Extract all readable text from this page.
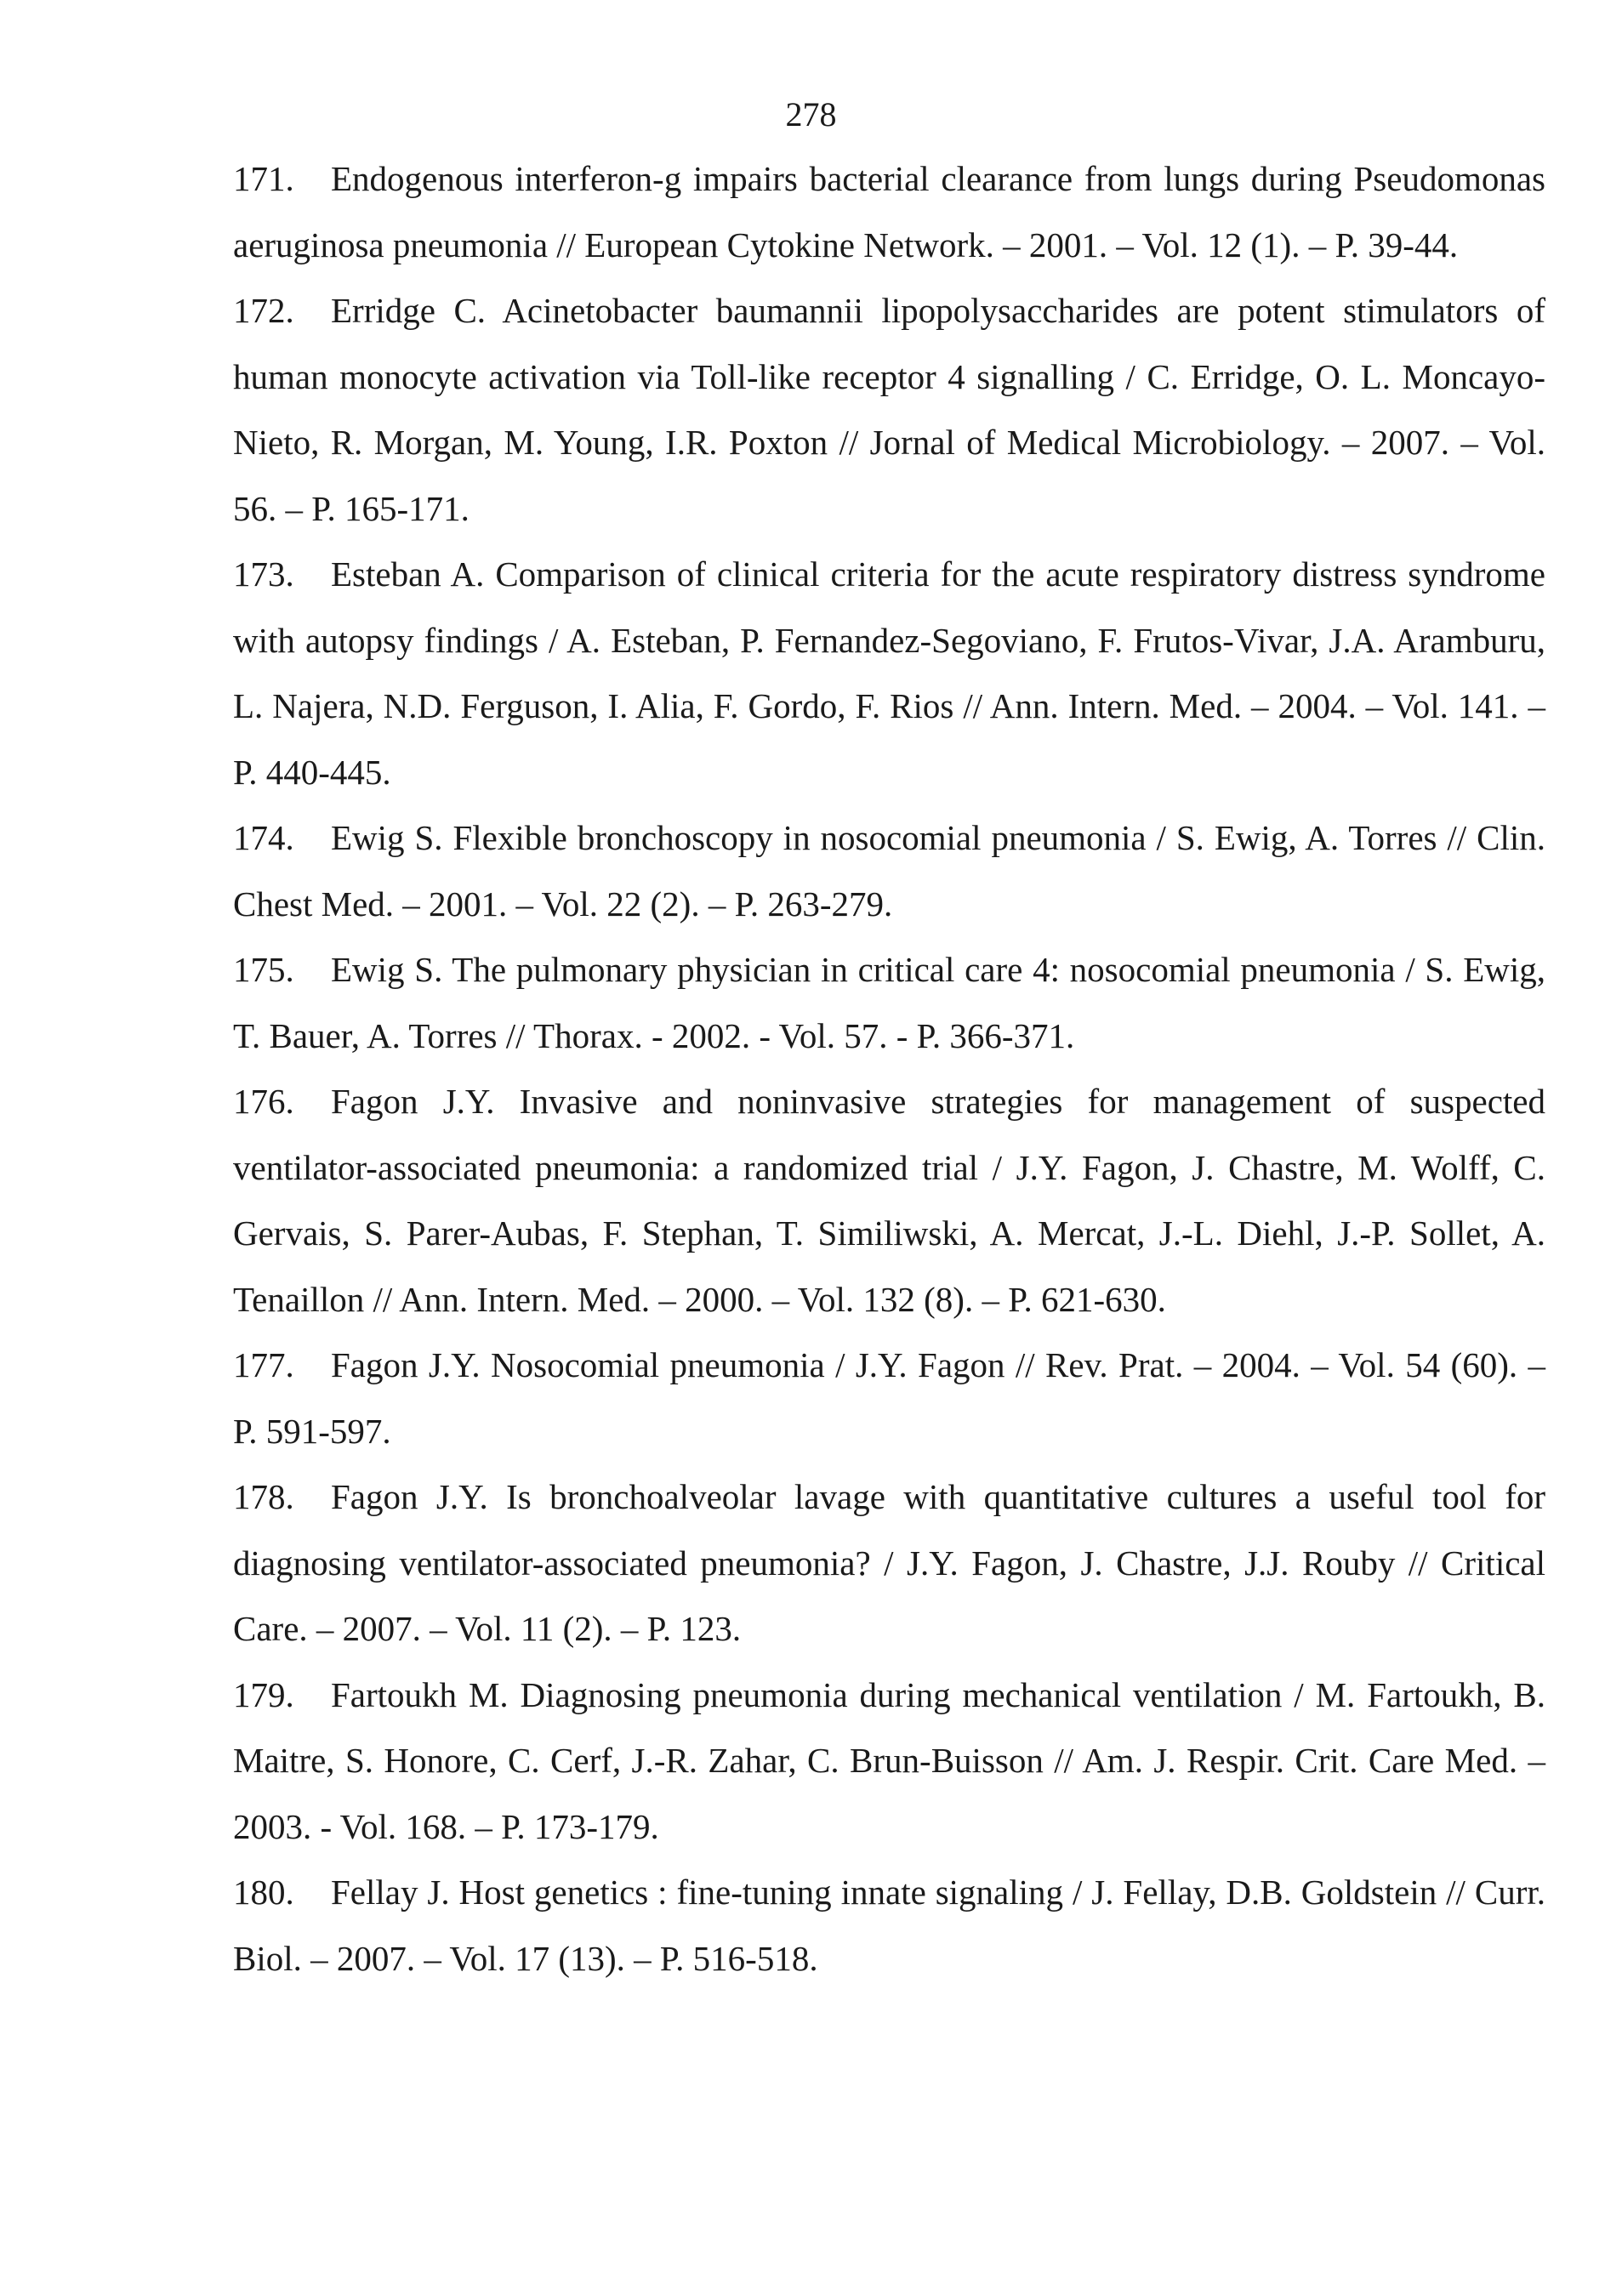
278

171. Endogenous interferon-g impairs bacterial clearance from lungs during Pseudomonas aeruginosa pneumonia // European Cytokine Network. – 2001. – Vol. 12 (1). – P. 39-44.

172. Erridge C. Acinetobacter baumannii lipopolysaccharides are potent stimulators of human monocyte activation via Toll-like receptor 4 signalling / C. Erridge, O. L. Moncayo-Nieto, R. Morgan, M. Young, I.R. Poxton // Jornal of Medical Microbiology. – 2007. – Vol. 56. – P. 165-171.

173. Esteban A. Comparison of clinical criteria for the acute respiratory distress syndrome with autopsy findings / A. Esteban, P. Fernandez-Segoviano, F. Frutos-Vivar, J.A. Aramburu, L. Najera, N.D. Ferguson, I. Alia, F. Gordo, F. Rios // Ann. Intern. Med. – 2004. – Vol. 141. – P. 440-445.

174. Ewig S. Flexible bronchoscopy in nosocomial pneumonia / S. Ewig, A. Torres // Clin. Chest Med. – 2001. – Vol. 22 (2). – P. 263-279.

175. Ewig S. The pulmonary physician in critical care 4: nosocomial pneumonia / S. Ewig, T. Bauer, A. Torres // Thorax. - 2002. - Vol. 57. - P. 366-371.

176. Fagon J.Y. Invasive and noninvasive strategies for management of suspected ventilator-associated pneumonia: a randomized trial / J.Y. Fagon, J. Chastre, M. Wolff, C. Gervais, S. Parer-Aubas, F. Stephan, T. Similiwski, A. Mercat, J.-L. Diehl, J.-P. Sollet, A. Tenaillon // Ann. Intern. Med. – 2000. – Vol. 132 (8). – P. 621-630.

177. Fagon J.Y. Nosocomial pneumonia / J.Y. Fagon // Rev. Prat. – 2004. – Vol. 54 (60). – P. 591-597.

178. Fagon J.Y. Is bronchoalveolar lavage with quantitative cultures a useful tool for diagnosing ventilator-associated pneumonia? / J.Y. Fagon, J. Chastre, J.J. Rouby // Critical Care. – 2007. – Vol. 11 (2). – P. 123.

179. Fartoukh M. Diagnosing pneumonia during mechanical ventilation / M. Fartoukh, B. Maitre, S. Honore, C. Cerf, J.-R. Zahar, C. Brun-Buisson // Am. J. Respir. Crit. Care Med. – 2003. - Vol. 168. – P. 173-179.

180. Fellay J. Host genetics : fine-tuning innate signaling / J. Fellay, D.B. Goldstein // Curr. Biol. – 2007. – Vol. 17 (13). – P. 516-518.
